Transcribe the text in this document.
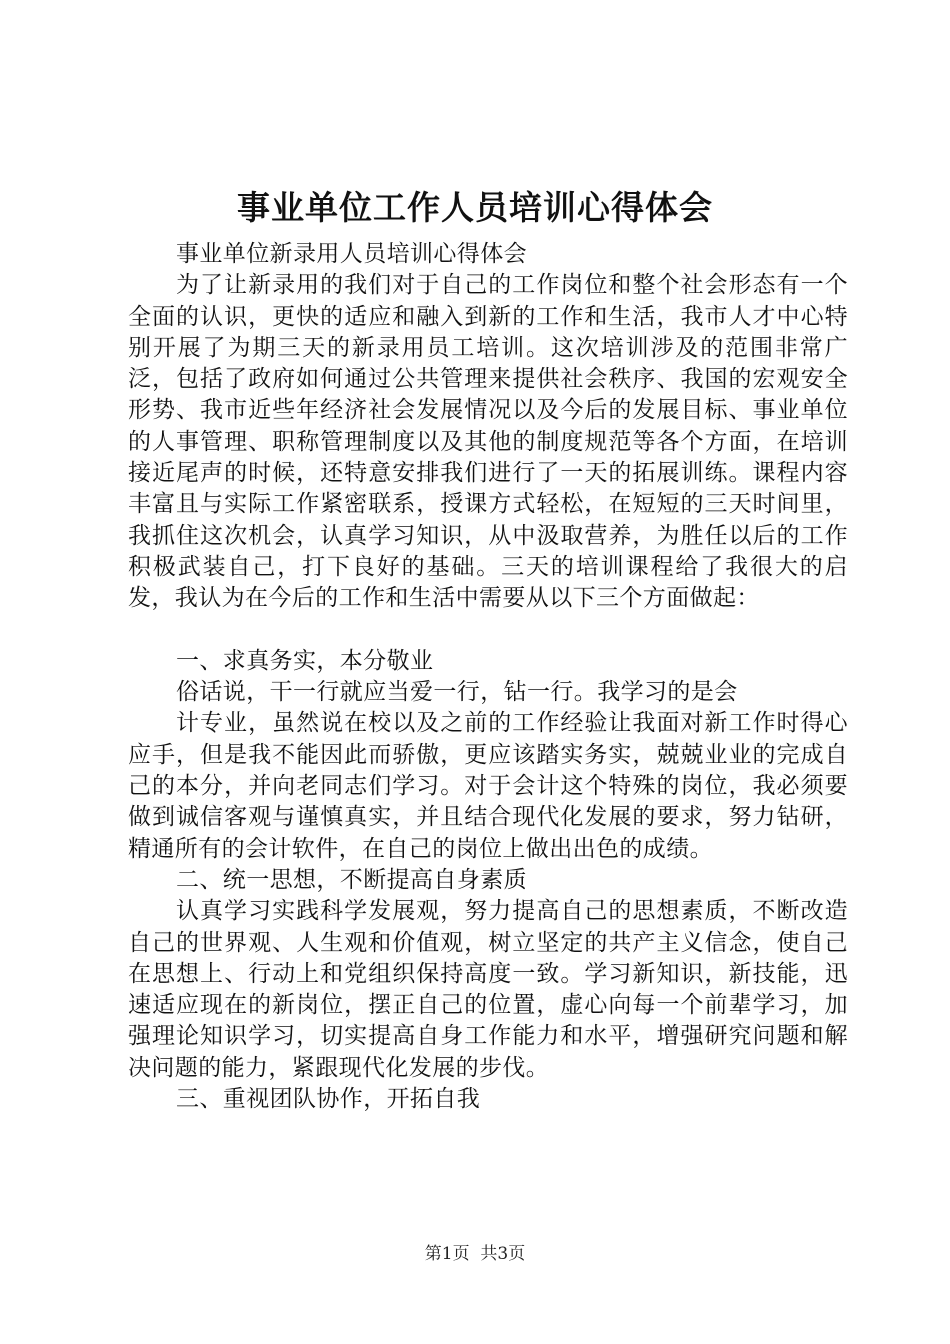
事业单位工作人员培训心得体会

事业单位新录用人员培训心得体会

为了让新录用的我们对于自己的工作岗位和整个社会形态有一个全面的认识，更快的适应和融入到新的工作和生活，我市人才中心特别开展了为期三天的新录用员工培训。这次培训涉及的范围非常广泛，包括了政府如何通过公共管理来提供社会秩序、我国的宏观安全形势、我市近些年经济社会发展情况以及今后的发展目标、事业单位的人事管理、职称管理制度以及其他的制度规范等各个方面，在培训接近尾声的时候，还特意安排我们进行了一天的拓展训练。课程内容丰富且与实际工作紧密联系，授课方式轻松，在短短的三天时间里，我抓住这次机会，认真学习知识，从中汲取营养，为胜任以后的工作积极武装自己，打下良好的基础。三天的培训课程给了我很大的启发，我认为在今后的工作和生活中需要从以下三个方面做起：

一、求真务实，本分敬业

俗话说，干一行就应当爱一行，钻一行。我学习的是会

计专业，虽然说在校以及之前的工作经验让我面对新工作时得心应手，但是我不能因此而骄傲，更应该踏实务实，兢兢业业的完成自己的本分，并向老同志们学习。对于会计这个特殊的岗位，我必须要做到诚信客观与谨慎真实，并且结合现代化发展的要求，努力钻研，精通所有的会计软件，在自己的岗位上做出出色的成绩。

二、统一思想，不断提高自身素质

认真学习实践科学发展观，努力提高自己的思想素质，不断改造自己的世界观、人生观和价值观，树立坚定的共产主义信念，使自己在思想上、行动上和党组织保持高度一致。学习新知识，新技能，迅速适应现在的新岗位，摆正自己的位置，虚心向每一个前辈学习，加强理论知识学习，切实提高自身工作能力和水平，增强研究问题和解决问题的能力，紧跟现代化发展的步伐。

三、重视团队协作，开拓自我

第1页  共3页
